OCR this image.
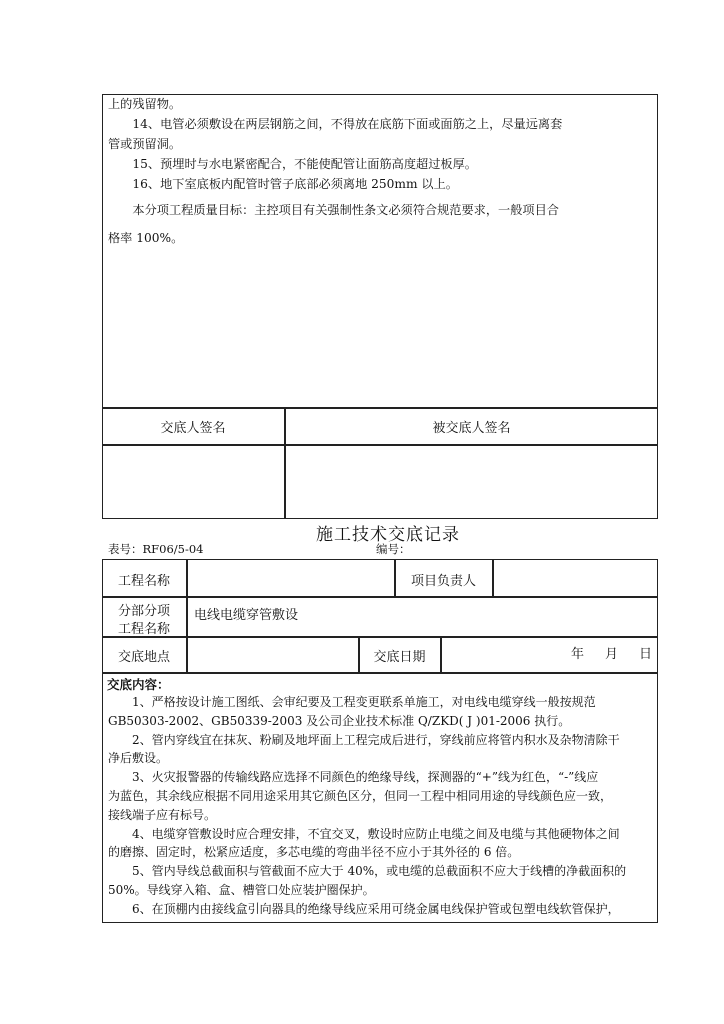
上的残留物。

14、电管必须敷设在两层钢筋之间，不得放在底筋下面或面筋之上，尽量远离套

管或预留洞。

15、预埋时与水电紧密配合，不能使配管让面筋高度超过板厚。

16、地下室底板内配管时管子底部必须离地 250mm 以上。

本分项工程质量目标：主控项目有关强制性条文必须符合规范要求，一般项目合

格率 100%。

交底人签名	被交底人签名
施工技术交底记录
表号：RF06/5-04	编号：
工程名称	项目负责人
分部分项
工程名称
电线电缆穿管敷设
交底地点	交底日期	年 月 日
交底内容：

1、严格按设计施工图纸、会审纪要及工程变更联系单施工，对电线电缆穿线一般按规范

GB50303-2002、GB50339-2003 及公司企业技术标准 Q/ZKD( J )01-2006 执行。

2、管内穿线宜在抹灰、粉刷及地坪面上工程完成后进行，穿线前应将管内积水及杂物清除干

净后敷设。

3、火灾报警器的传输线路应选择不同颜色的绝缘导线，探测器的“+”线为红色，“-”线应

为蓝色，其余线应根据不同用途采用其它颜色区分，但同一工程中相同用途的导线颜色应一致，

接线端子应有标号。

4、电缆穿管敷设时应合理安排，不宜交叉，敷设时应防止电缆之间及电缆与其他硬物体之间

的磨擦、固定时，松紧应适度，多芯电缆的弯曲半径不应小于其外径的 6 倍。

5、管内导线总截面积与管截面不应大于 40%，或电缆的总截面积不应大于线槽的净截面积的

50%。导线穿入箱、盒、槽管口处应装护圈保护。

6、在顶棚内由接线盒引向器具的绝缘导线应采用可绕金属电线保护管或包塑电线软管保护，
